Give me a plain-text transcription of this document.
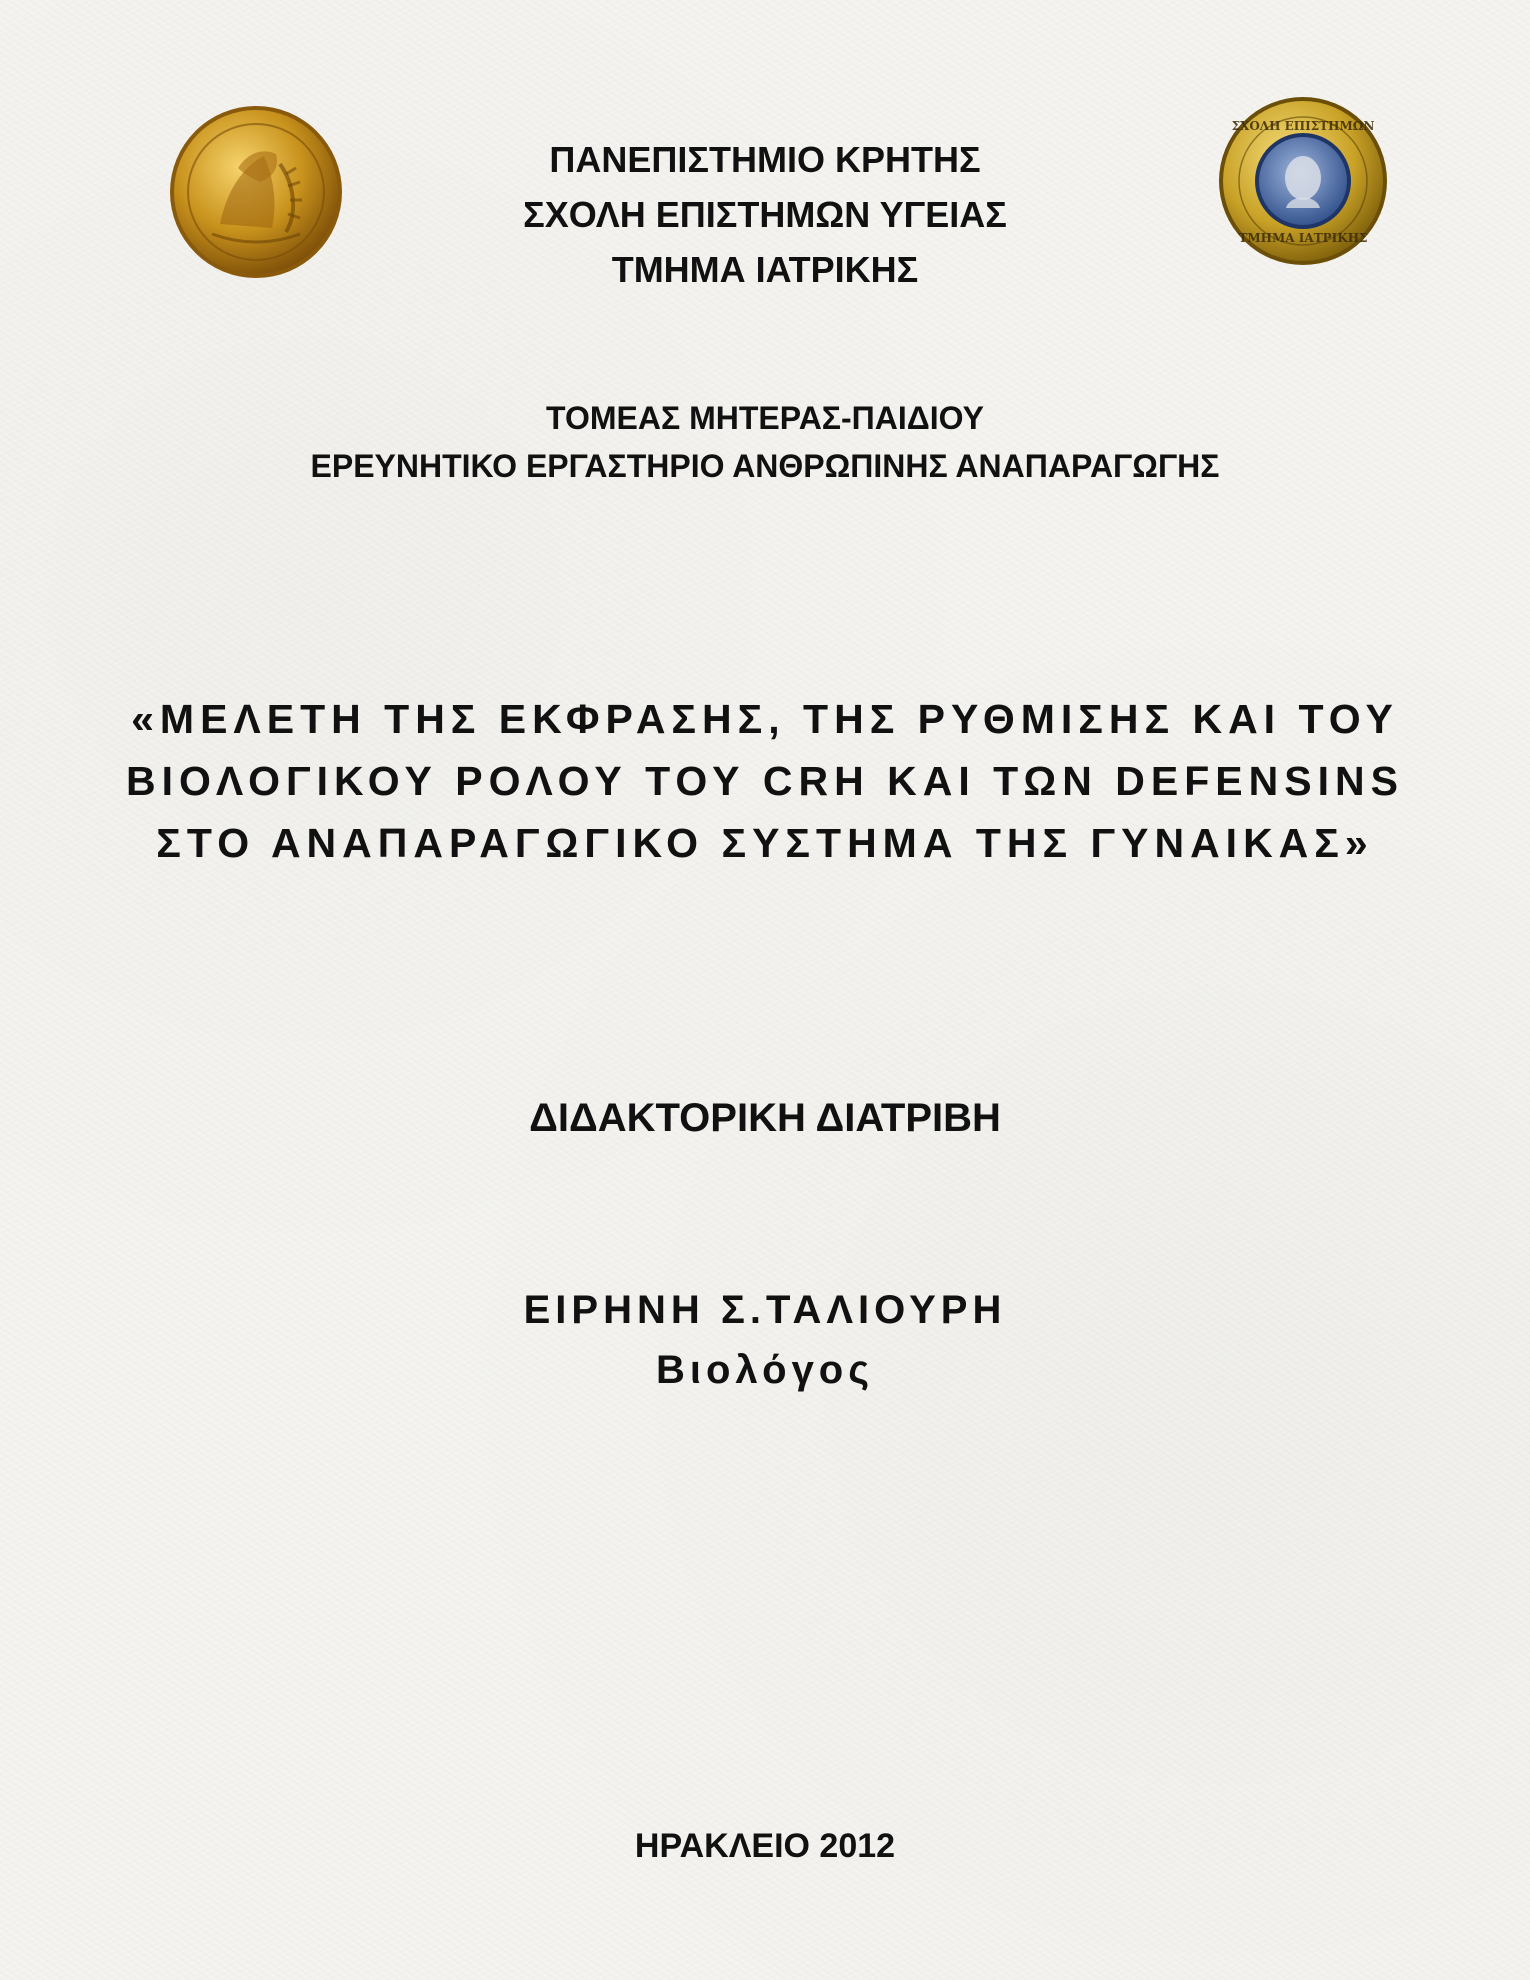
ΣΧΟΛΗ ΕΠΙΣΤΗΜΩΝ
ΤΜΗΜΑ ΙΑΤΡΙΚΗΣ
ΠΑΝΕΠΙΣΤΗΜΙΟ ΚΡΗΤΗΣ
ΣΧΟΛΗ ΕΠΙΣΤΗΜΩΝ ΥΓΕΙΑΣ
ΤΜΗΜΑ ΙΑΤΡΙΚΗΣ
ΤΟΜΕΑΣ ΜΗΤΕΡΑΣ-ΠΑΙΔΙΟΥ
ΕΡΕΥΝΗΤΙΚΟ ΕΡΓΑΣΤΗΡΙΟ ΑΝΘΡΩΠΙΝΗΣ ΑΝΑΠΑΡΑΓΩΓΗΣ
«ΜΕΛΕΤΗ ΤΗΣ ΕΚΦΡΑΣΗΣ, ΤΗΣ ΡΥΘΜΙΣΗΣ ΚΑΙ ΤΟΥ
ΒΙΟΛΟΓΙΚΟΥ ΡΟΛΟΥ ΤΟΥ CRH ΚΑΙ ΤΩΝ DEFENSINS
ΣΤΟ ΑΝΑΠΑΡΑΓΩΓΙΚΟ ΣΥΣΤΗΜΑ ΤΗΣ ΓΥΝΑΙΚΑΣ»
ΔΙΔΑΚΤΟΡΙΚΗ ΔΙΑΤΡΙΒΗ
ΕΙΡΗΝΗ Σ.ΤΑΛΙΟΥΡΗ
Βιολόγος
ΗΡΑΚΛΕΙΟ 2012
